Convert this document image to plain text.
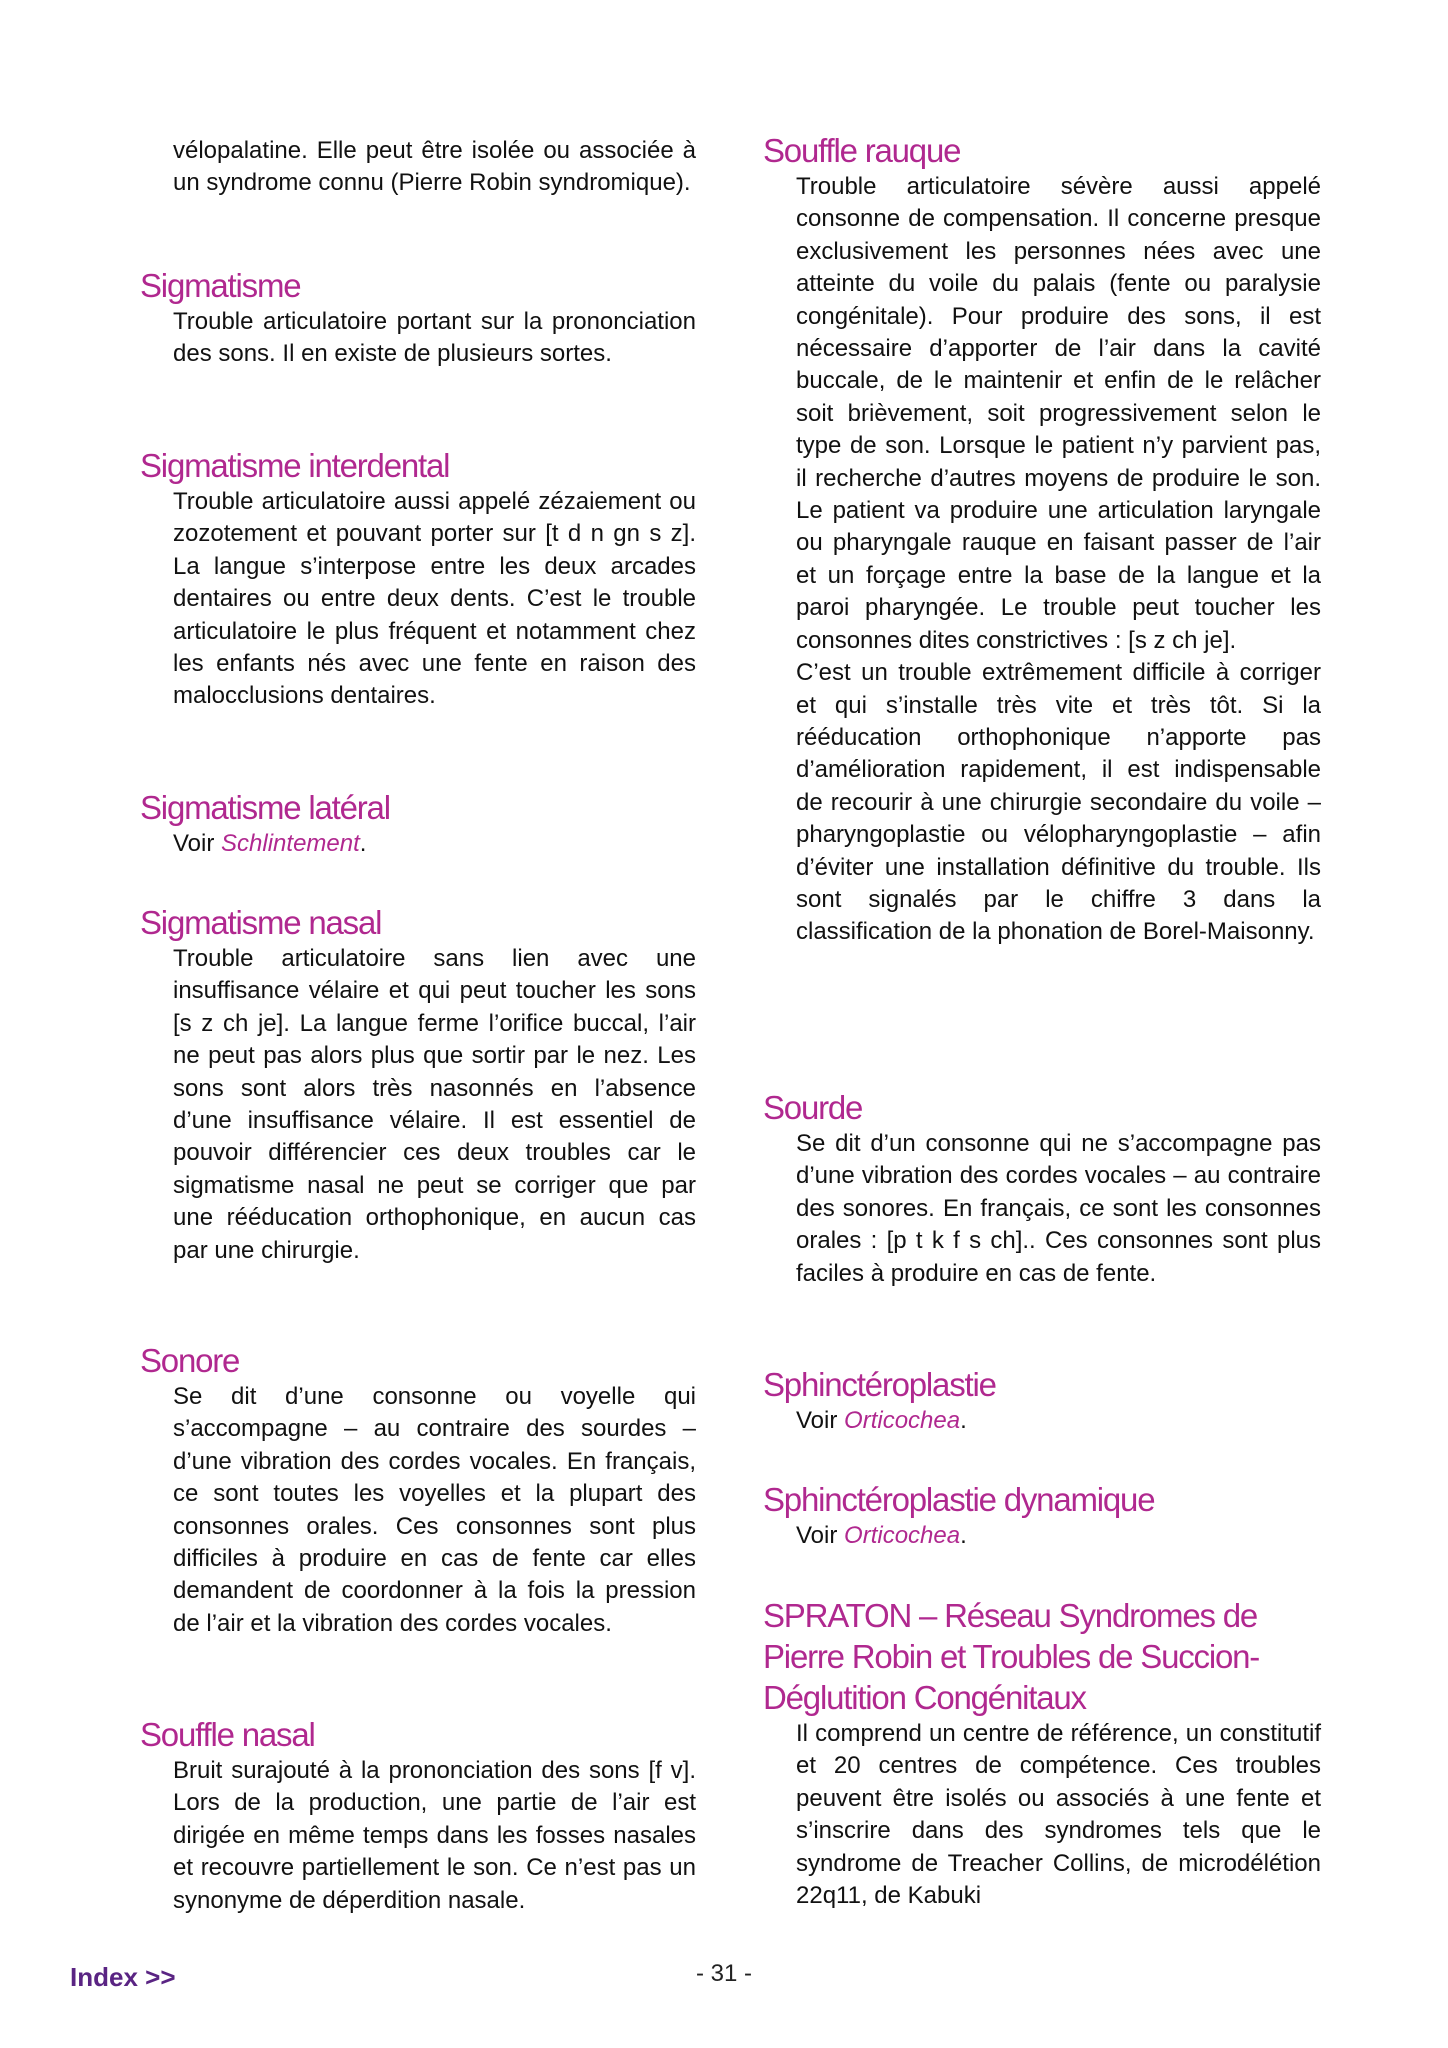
vélopalatine. Elle peut être isolée ou associée à un syndrome connu (Pierre Robin syndromique).

Sigmatisme

Trouble articulatoire portant sur la prononciation des sons. Il en existe de plusieurs sortes.

Sigmatisme interdental

Trouble articulatoire aussi appelé zézaiement ou zozotement et pouvant porter sur [t d n gn s z]. La langue s’interpose entre les deux arcades dentaires ou entre deux dents. C’est le trouble articulatoire le plus fréquent et notamment chez les enfants nés avec une fente en raison des malocclusions dentaires.

Sigmatisme latéral

Voir Schlintement.

Sigmatisme nasal

Trouble articulatoire sans lien avec une insuffisance vélaire et qui peut toucher les sons [s z ch je]. La langue ferme l’orifice buccal, l’air ne peut pas alors plus que sortir par le nez. Les sons sont alors très nasonnés en l’absence d’une insuffisance vélaire. Il est essentiel de pouvoir différencier ces deux troubles car le sigmatisme nasal ne peut se corriger que par une rééducation orthophonique, en aucun cas par une chirurgie.

Sonore

Se dit d’une consonne ou voyelle qui s’accompagne – au contraire des sourdes – d’une vibration des cordes vocales. En français, ce sont toutes les voyelles et la plupart des consonnes orales. Ces consonnes sont plus difficiles à produire en cas de fente car elles demandent de coordonner à la fois la pression de l’air et la vibration des cordes vocales.

Souffle nasal

Bruit surajouté à la prononciation des sons [f v]. Lors de la production, une partie de l’air est dirigée en même temps dans les fosses nasales et recouvre partiellement le son. Ce n’est pas un synonyme de déperdition nasale.

Souffle rauque

Trouble articulatoire sévère aussi appelé consonne de compensation. Il concerne presque exclusivement les personnes nées avec une atteinte du voile du palais (fente ou paralysie congénitale). Pour produire des sons, il est nécessaire d’apporter de l’air dans la cavité buccale, de le maintenir et enfin de le relâcher soit brièvement, soit progressivement selon le type de son. Lorsque le patient n’y parvient pas, il recherche d’autres moyens de produire le son. Le patient va produire une articulation laryngale ou pharyngale rauque en faisant passer de l’air et un forçage entre la base de la langue et la paroi pharyngée. Le trouble peut toucher les consonnes dites constrictives : [s z ch je].

C’est un trouble extrêmement difficile à corriger et qui s’installe très vite et très tôt. Si la rééducation orthophonique n’apporte pas d’amélioration rapidement, il est indispensable de recourir à une chirurgie secondaire du voile – pharyngoplastie ou vélopharyngoplastie – afin d’éviter une installation définitive du trouble. Ils sont signalés par le chiffre 3 dans la classification de la phonation de Borel-Maisonny.

Sourde

Se dit d’un consonne qui ne s’accompagne pas d’une vibration des cordes vocales – au contraire des sonores. En français, ce sont les consonnes orales : [p t k f s ch].. Ces consonnes sont plus faciles à produire en cas de fente.

Sphinctéroplastie

Voir Orticochea.

Sphinctéroplastie dynamique

Voir Orticochea.

SPRATON – Réseau Syndromes de Pierre Robin et Troubles de Succion-Déglutition Congénitaux

Il comprend un centre de référence, un constitutif et 20 centres de compétence. Ces troubles peuvent être isolés ou associés à une fente et s’inscrire dans des syndromes tels que le syndrome de Treacher Collins, de microdélétion 22q11, de Kabuki

- 31 -
Index >>
